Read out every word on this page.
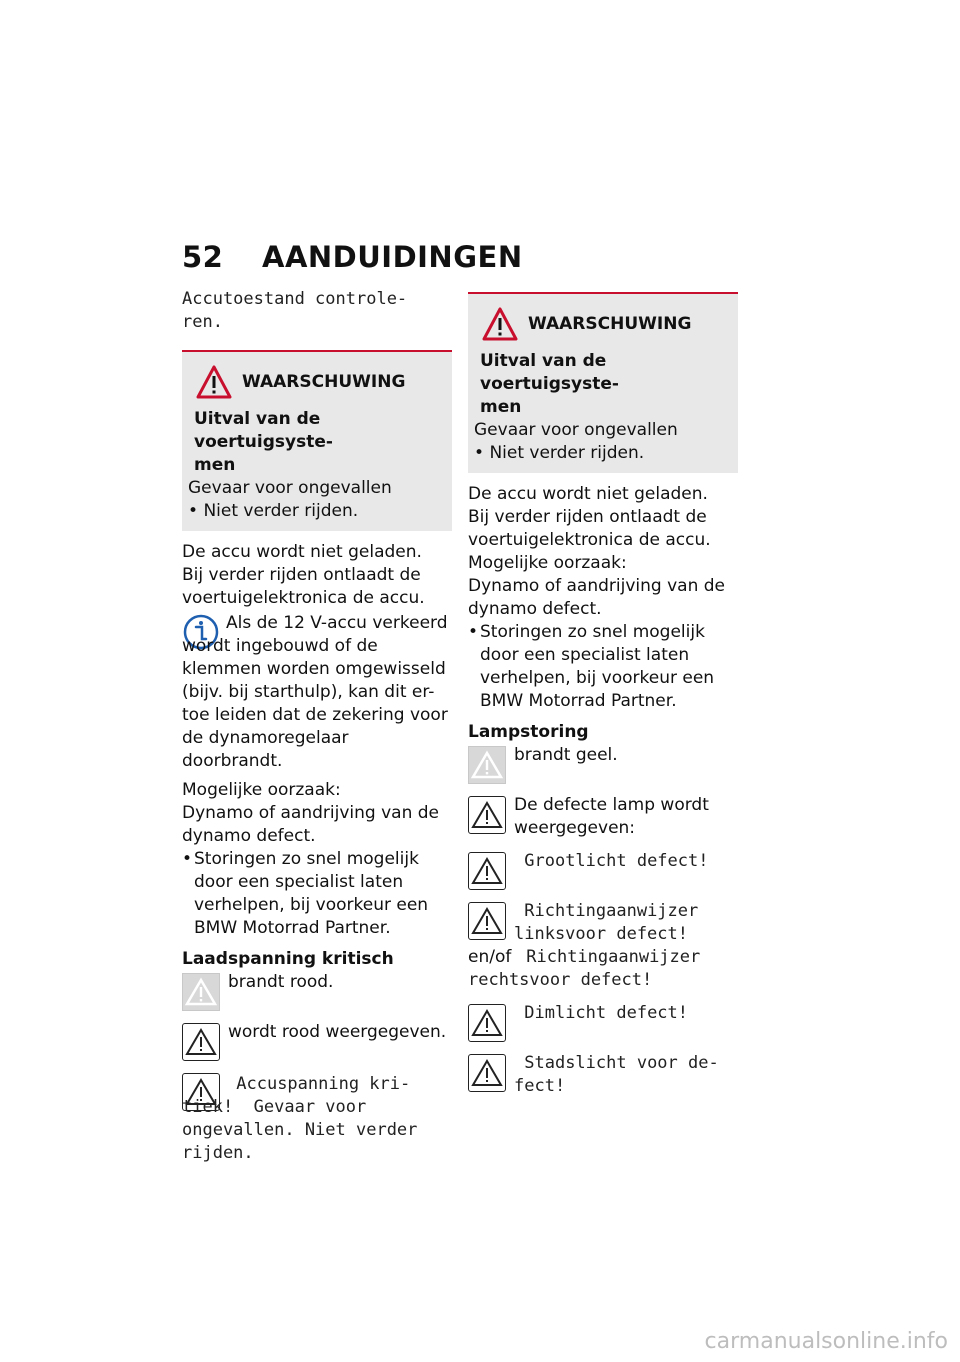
52 AANDUIDINGEN
Accutoestand controle-
ren.
WAARSCHUWING
Uitval van de voertuigsyste-
men
Gevaar voor ongevallen
• Niet verder rijden.

De accu wordt niet geladen.

Bij verder rijden ontlaadt de voertuigelektronica de accu.

Als de 12 V-accu verkeerd wordt ingebouwd of de klemmen worden omgewisseld (bijv. bij starthulp), kan dit er-toe leiden dat de zekering voor de dynamoregelaar doorbrandt.

Mogelijke oorzaak:

Dynamo of aandrijving van de dynamo defect.

• Storingen zo snel mogelijk
door een specialist laten
verhelpen, bij voorkeur een
BMW Motorrad Partner.
Laadspanning kritisch
brandt rood.
wordt rood weergegeven.
Accuspanning kri-
tiek!  Gevaar voor
ongevallen. Niet verder
rijden.
WAARSCHUWING
Uitval van de voertuigsyste-
men
Gevaar voor ongevallen
• Niet verder rijden.

De accu wordt niet geladen.

Bij verder rijden ontlaadt de voertuigelektronica de accu.

Mogelijke oorzaak:

Dynamo of aandrijving van de dynamo defect.

• Storingen zo snel mogelijk
door een specialist laten
verhelpen, bij voorkeur een
BMW Motorrad Partner.
Lampstoring
brandt geel.
De defecte lamp wordt
weergegeven:
Grootlicht defect!
Richtingaanwijzer
linksvoor defect!
en/of Richtingaanwijzer
rechtsvoor defect!
Dimlicht defect!
Stadslicht voor de-
fect!
carmanualsonline.info
